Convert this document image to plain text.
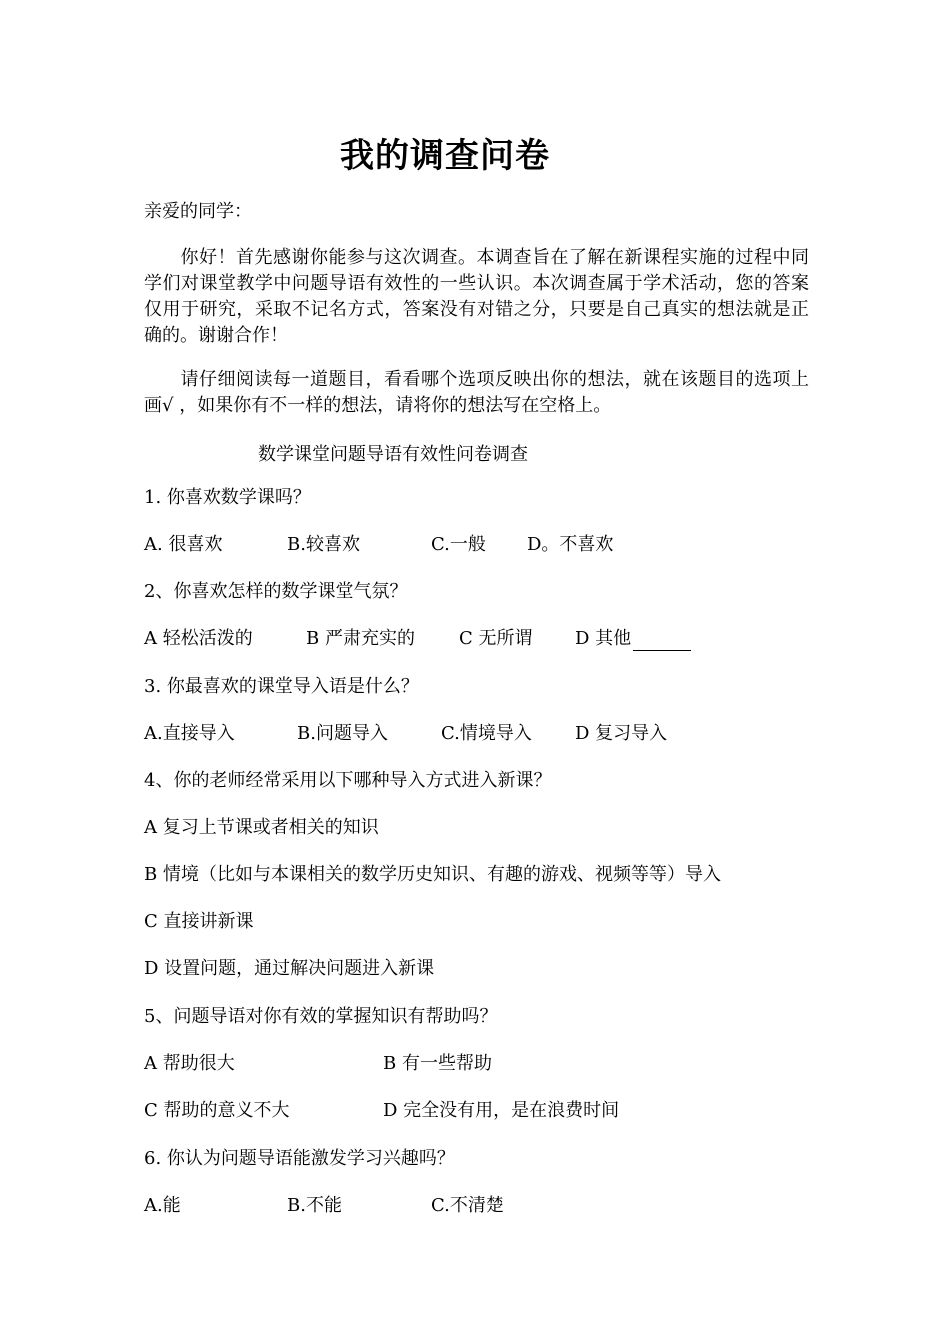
我的调查问卷
亲爱的同学：
你好！首先感谢你能参与这次调查。本调查旨在了解在新课程实施的过程中同学们对课堂教学中问题导语有效性的一些认识。本次调查属于学术活动，您的答案仅用于研究，采取不记名方式，答案没有对错之分，只要是自己真实的想法就是正确的。谢谢合作！
请仔细阅读每一道题目，看看哪个选项反映出你的想法，就在该题目的选项上画√ ，如果你有不一样的想法，请将你的想法写在空格上。
数学课堂问题导语有效性问卷调查
1. 你喜欢数学课吗？
A. 很喜欢	B.较喜欢	C.一般 D。不喜欢
2、你喜欢怎样的数学课堂气氛？
A 轻松活泼的	B 严肃充实的 C 无所谓 D 其他
3. 你最喜欢的课堂导入语是什么？
A.直接导入	B.问题导入	C.情境导入 D 复习导入
4、你的老师经常采用以下哪种导入方式进入新课？
A 复习上节课或者相关的知识
B 情境（比如与本课相关的数学历史知识、有趣的游戏、视频等等）导入
C 直接讲新课
D 设置问题，通过解决问题进入新课
5、问题导语对你有效的掌握知识有帮助吗？
A 帮助很大	B 有一些帮助
C 帮助的意义不大	D 完全没有用，是在浪费时间
6. 你认为问题导语能激发学习兴趣吗？
A.能	B.不能	C.不清楚
